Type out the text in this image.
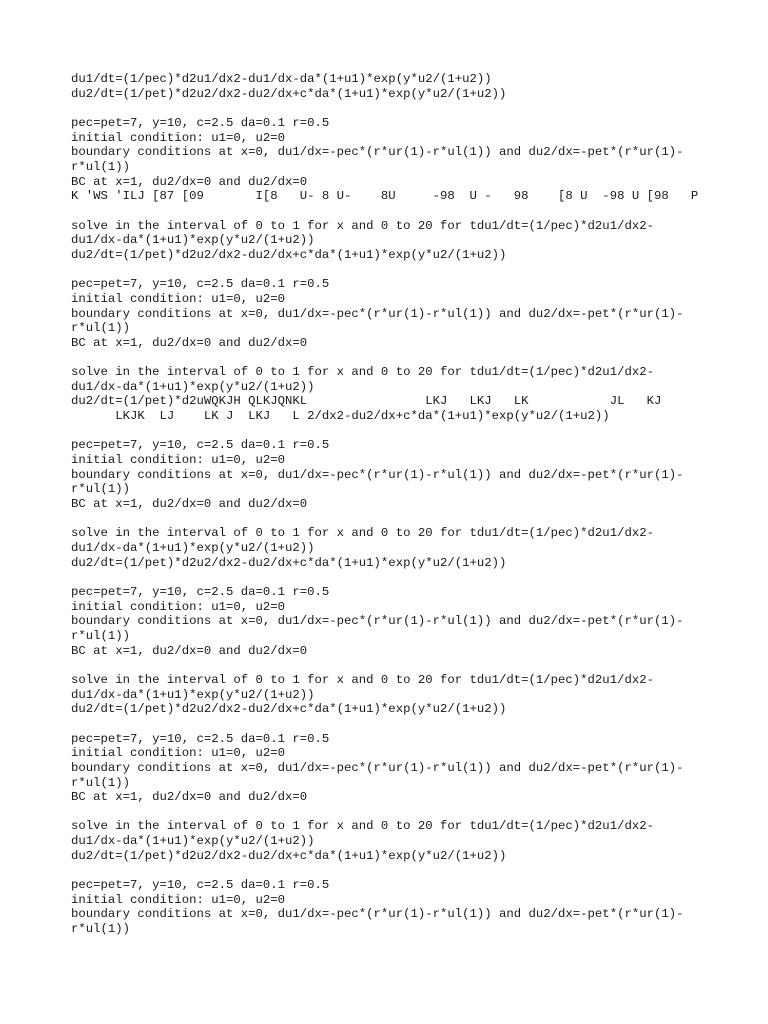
du1/dt=(1/pec)*d2u1/dx2-du1/dx-da*(1+u1)*exp(y*u2/(1+u2))
du2/dt=(1/pet)*d2u2/dx2-du2/dx+c*da*(1+u1)*exp(y*u2/(1+u2))
pec=pet=7, y=10, c=2.5 da=0.1 r=0.5
initial condition: u1=0, u2=0
boundary conditions at x=0, du1/dx=-pec*(r*ur(1)-r*ul(1)) and du2/dx=-pet*(r*ur(1)-
r*ul(1))
BC at x=1, du2/dx=0 and du2/dx=0
K 'WS 'ILJ [87 [09       I[8   U- 8 U-    8U     -98  U -   98    [8 U  -98 U [98   P
solve in the interval of 0 to 1 for x and 0 to 20 for tdu1/dt=(1/pec)*d2u1/dx2-
du1/dx-da*(1+u1)*exp(y*u2/(1+u2))
du2/dt=(1/pet)*d2u2/dx2-du2/dx+c*da*(1+u1)*exp(y*u2/(1+u2))
pec=pet=7, y=10, c=2.5 da=0.1 r=0.5
initial condition: u1=0, u2=0
boundary conditions at x=0, du1/dx=-pec*(r*ur(1)-r*ul(1)) and du2/dx=-pet*(r*ur(1)-
r*ul(1))
BC at x=1, du2/dx=0 and du2/dx=0
solve in the interval of 0 to 1 for x and 0 to 20 for tdu1/dt=(1/pec)*d2u1/dx2-
du1/dx-da*(1+u1)*exp(y*u2/(1+u2))
du2/dt=(1/pet)*d2uWQKJH QLKJQNKL                LKJ   LKJ   LK           JL   KJ
LKJK  LJ    LK J  LKJ   L 2/dx2-du2/dx+c*da*(1+u1)*exp(y*u2/(1+u2))
pec=pet=7, y=10, c=2.5 da=0.1 r=0.5
initial condition: u1=0, u2=0
boundary conditions at x=0, du1/dx=-pec*(r*ur(1)-r*ul(1)) and du2/dx=-pet*(r*ur(1)-
r*ul(1))
BC at x=1, du2/dx=0 and du2/dx=0
solve in the interval of 0 to 1 for x and 0 to 20 for tdu1/dt=(1/pec)*d2u1/dx2-
du1/dx-da*(1+u1)*exp(y*u2/(1+u2))
du2/dt=(1/pet)*d2u2/dx2-du2/dx+c*da*(1+u1)*exp(y*u2/(1+u2))
pec=pet=7, y=10, c=2.5 da=0.1 r=0.5
initial condition: u1=0, u2=0
boundary conditions at x=0, du1/dx=-pec*(r*ur(1)-r*ul(1)) and du2/dx=-pet*(r*ur(1)-
r*ul(1))
BC at x=1, du2/dx=0 and du2/dx=0
solve in the interval of 0 to 1 for x and 0 to 20 for tdu1/dt=(1/pec)*d2u1/dx2-
du1/dx-da*(1+u1)*exp(y*u2/(1+u2))
du2/dt=(1/pet)*d2u2/dx2-du2/dx+c*da*(1+u1)*exp(y*u2/(1+u2))
pec=pet=7, y=10, c=2.5 da=0.1 r=0.5
initial condition: u1=0, u2=0
boundary conditions at x=0, du1/dx=-pec*(r*ur(1)-r*ul(1)) and du2/dx=-pet*(r*ur(1)-
r*ul(1))
BC at x=1, du2/dx=0 and du2/dx=0
solve in the interval of 0 to 1 for x and 0 to 20 for tdu1/dt=(1/pec)*d2u1/dx2-
du1/dx-da*(1+u1)*exp(y*u2/(1+u2))
du2/dt=(1/pet)*d2u2/dx2-du2/dx+c*da*(1+u1)*exp(y*u2/(1+u2))
pec=pet=7, y=10, c=2.5 da=0.1 r=0.5
initial condition: u1=0, u2=0
boundary conditions at x=0, du1/dx=-pec*(r*ur(1)-r*ul(1)) and du2/dx=-pet*(r*ur(1)-
r*ul(1))
